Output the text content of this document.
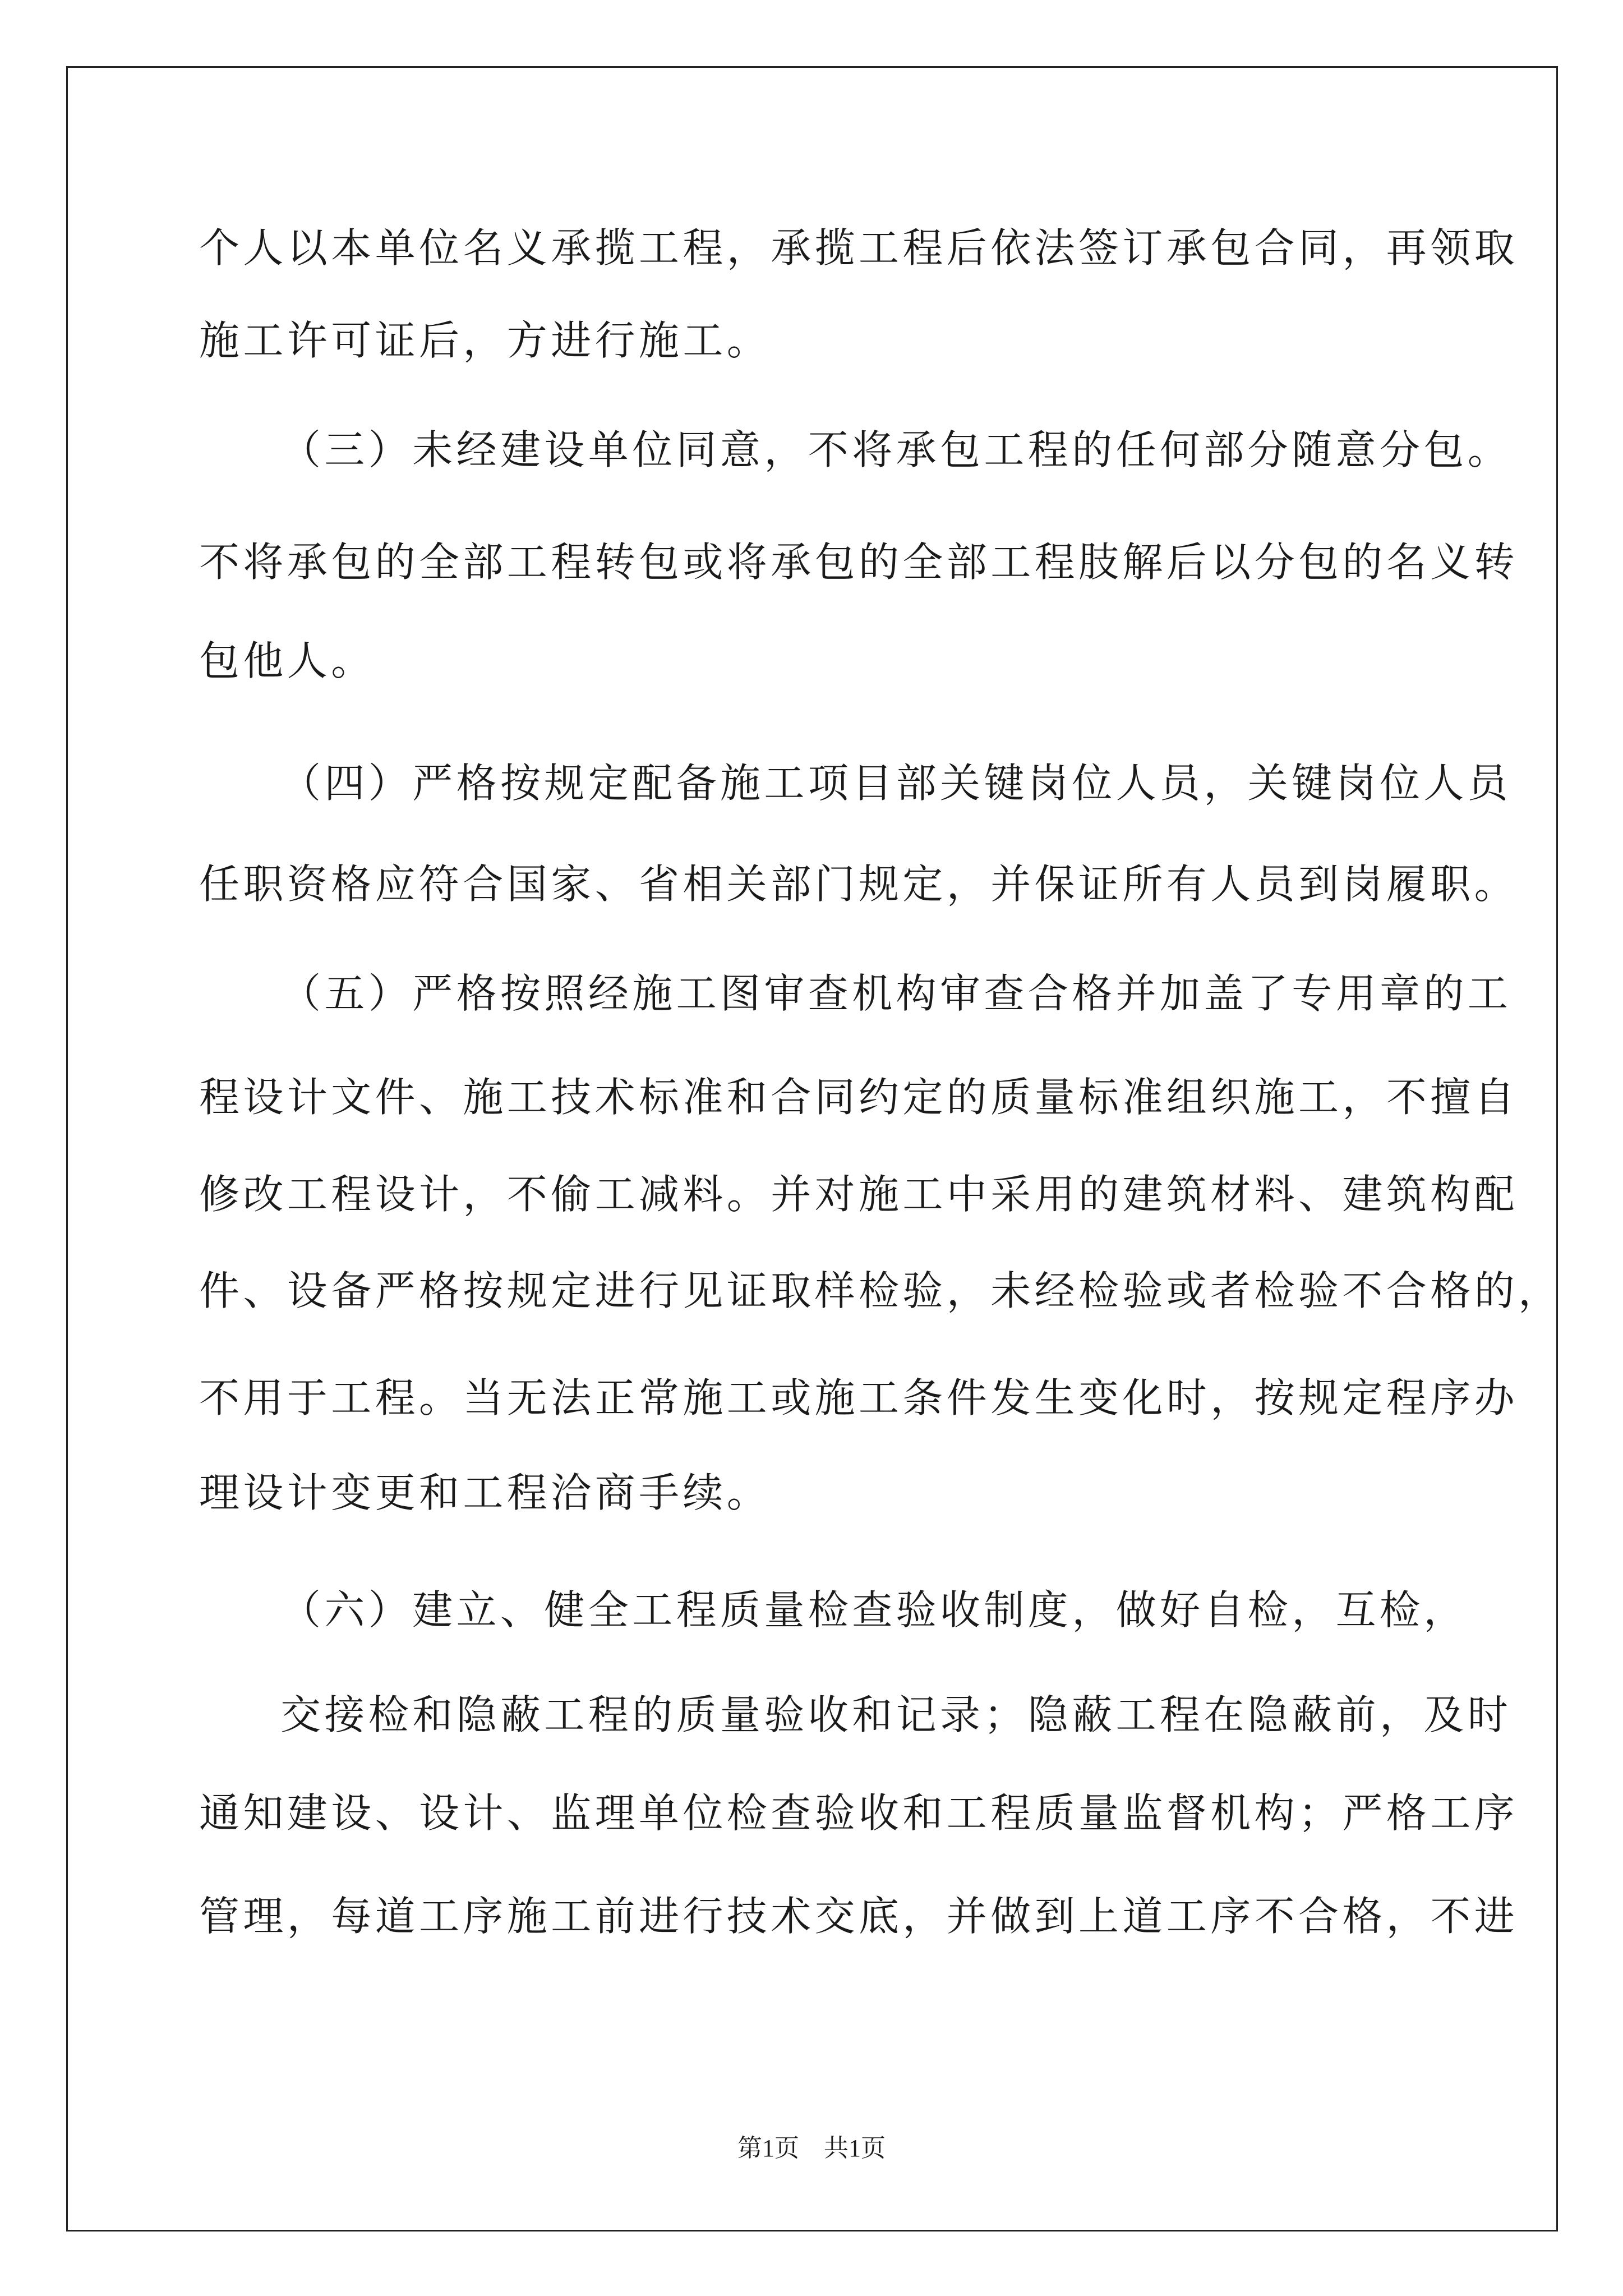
个人以本单位名义承揽工程，承揽工程后依法签订承包合同，再领取
施工许可证后，方进行施工。
（三）未经建设单位同意，不将承包工程的任何部分随意分包。
不将承包的全部工程转包或将承包的全部工程肢解后以分包的名义转
包他人。
（四）严格按规定配备施工项目部关键岗位人员，关键岗位人员
任职资格应符合国家、省相关部门规定，并保证所有人员到岗履职。
（五）严格按照经施工图审查机构审查合格并加盖了专用章的工
程设计文件、施工技术标准和合同约定的质量标准组织施工，不擅自
修改工程设计，不偷工减料。并对施工中采用的建筑材料、建筑构配
件、设备严格按规定进行见证取样检验，未经检验或者检验不合格的，
不用于工程。当无法正常施工或施工条件发生变化时，按规定程序办
理设计变更和工程洽商手续。
（六）建立、健全工程质量检查验收制度，做好自检，互检，
交接检和隐蔽工程的质量验收和记录；隐蔽工程在隐蔽前，及时
通知建设、设计、监理单位检查验收和工程质量监督机构；严格工序
管理，每道工序施工前进行技术交底，并做到上道工序不合格，不进
第1页　共1页
